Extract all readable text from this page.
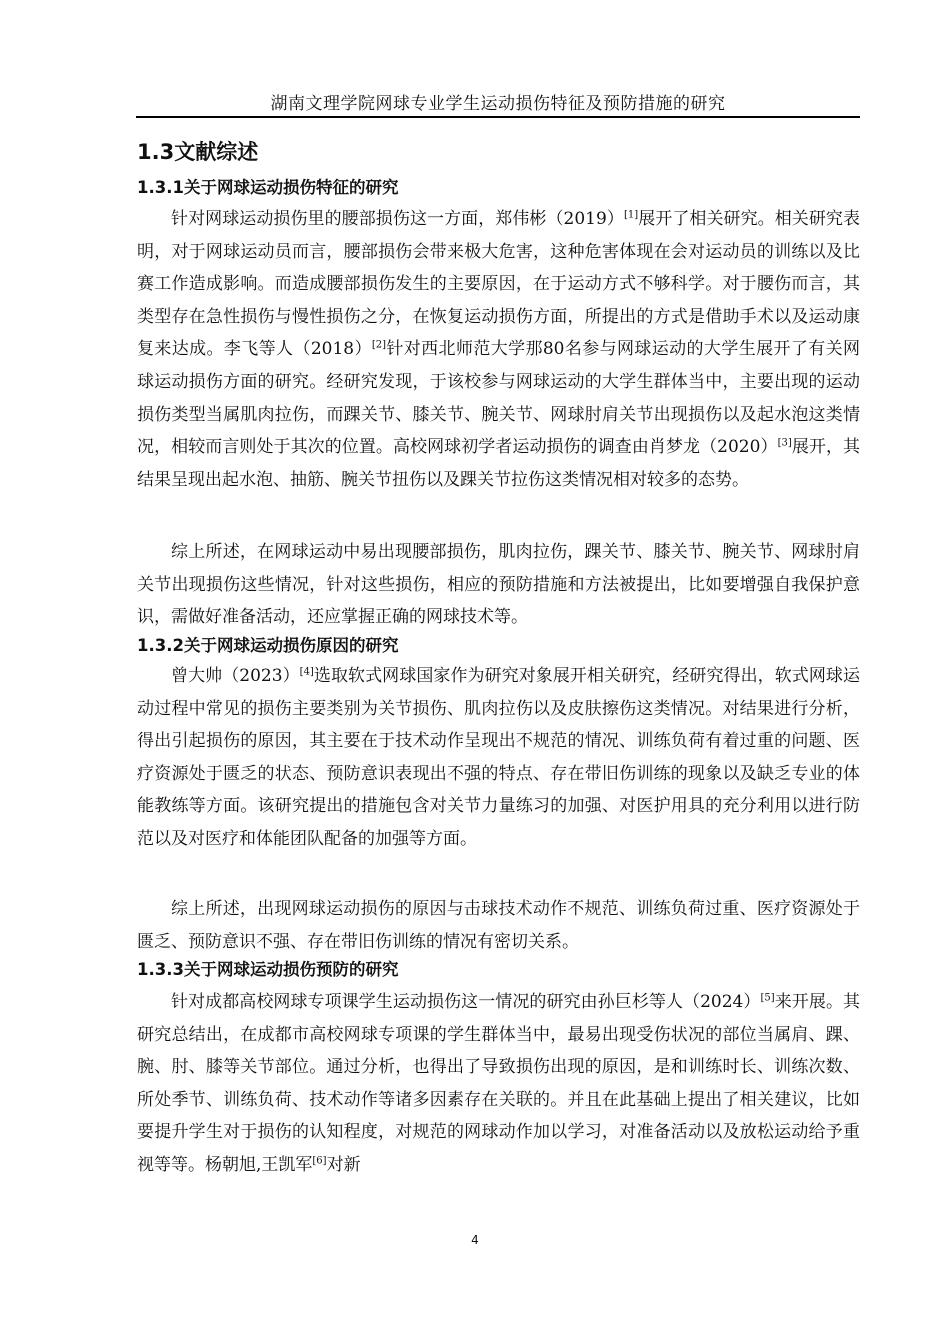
湖南文理学院网球专业学生运动损伤特征及预防措施的研究
1.3文献综述
1.3.1关于网球运动损伤特征的研究

针对网球运动损伤里的腰部损伤这一方面，郑伟彬（2019）[1]展开了相关研究。相关研究表明，对于网球运动员而言，腰部损伤会带来极大危害，这种危害体现在会对运动员的训练以及比赛工作造成影响。而造成腰部损伤发生的主要原因，在于运动方式不够科学。对于腰伤而言，其类型存在急性损伤与慢性损伤之分，在恢复运动损伤方面，所提出的方式是借助手术以及运动康复来达成。李飞等人（2018）[2]针对西北师范大学那80名参与网球运动的大学生展开了有关网球运动损伤方面的研究。经研究发现，于该校参与网球运动的大学生群体当中，主要出现的运动损伤类型当属肌肉拉伤，而踝关节、膝关节、腕关节、网球肘肩关节出现损伤以及起水泡这类情况，相较而言则处于其次的位置。高校网球初学者运动损伤的调查由肖梦龙（2020）[3]展开，其结果呈现出起水泡、抽筋、腕关节扭伤以及踝关节拉伤这类情况相对较多的态势。

综上所述，在网球运动中易出现腰部损伤，肌肉拉伤，踝关节、膝关节、腕关节、网球肘肩关节出现损伤这些情况，针对这些损伤，相应的预防措施和方法被提出，比如要增强自我保护意识，需做好准备活动，还应掌握正确的网球技术等。

1.3.2关于网球运动损伤原因的研究

曾大帅（2023）[4]选取软式网球国家作为研究对象展开相关研究，经研究得出，软式网球运动过程中常见的损伤主要类别为关节损伤、肌肉拉伤以及皮肤擦伤这类情况。对结果进行分析，得出引起损伤的原因，其主要在于技术动作呈现出不规范的情况、训练负荷有着过重的问题、医疗资源处于匮乏的状态、预防意识表现出不强的特点、存在带旧伤训练的现象以及缺乏专业的体能教练等方面。该研究提出的措施包含对关节力量练习的加强、对医护用具的充分利用以进行防范以及对医疗和体能团队配备的加强等方面。

综上所述，出现网球运动损伤的原因与击球技术动作不规范、训练负荷过重、医疗资源处于匮乏、预防意识不强、存在带旧伤训练的情况有密切关系。

1.3.3关于网球运动损伤预防的研究

针对成都高校网球专项课学生运动损伤这一情况的研究由孙巨杉等人（2024）[5]来开展。其研究总结出，在成都市高校网球专项课的学生群体当中，最易出现受伤状况的部位当属肩、踝、腕、肘、膝等关节部位。通过分析，也得出了导致损伤出现的原因，是和训练时长、训练次数、所处季节、训练负荷、技术动作等诸多因素存在关联的。并且在此基础上提出了相关建议，比如要提升学生对于损伤的认知程度，对规范的网球动作加以学习，对准备活动以及放松运动给予重视等等。杨朝旭,王凯军[6]对新

4
